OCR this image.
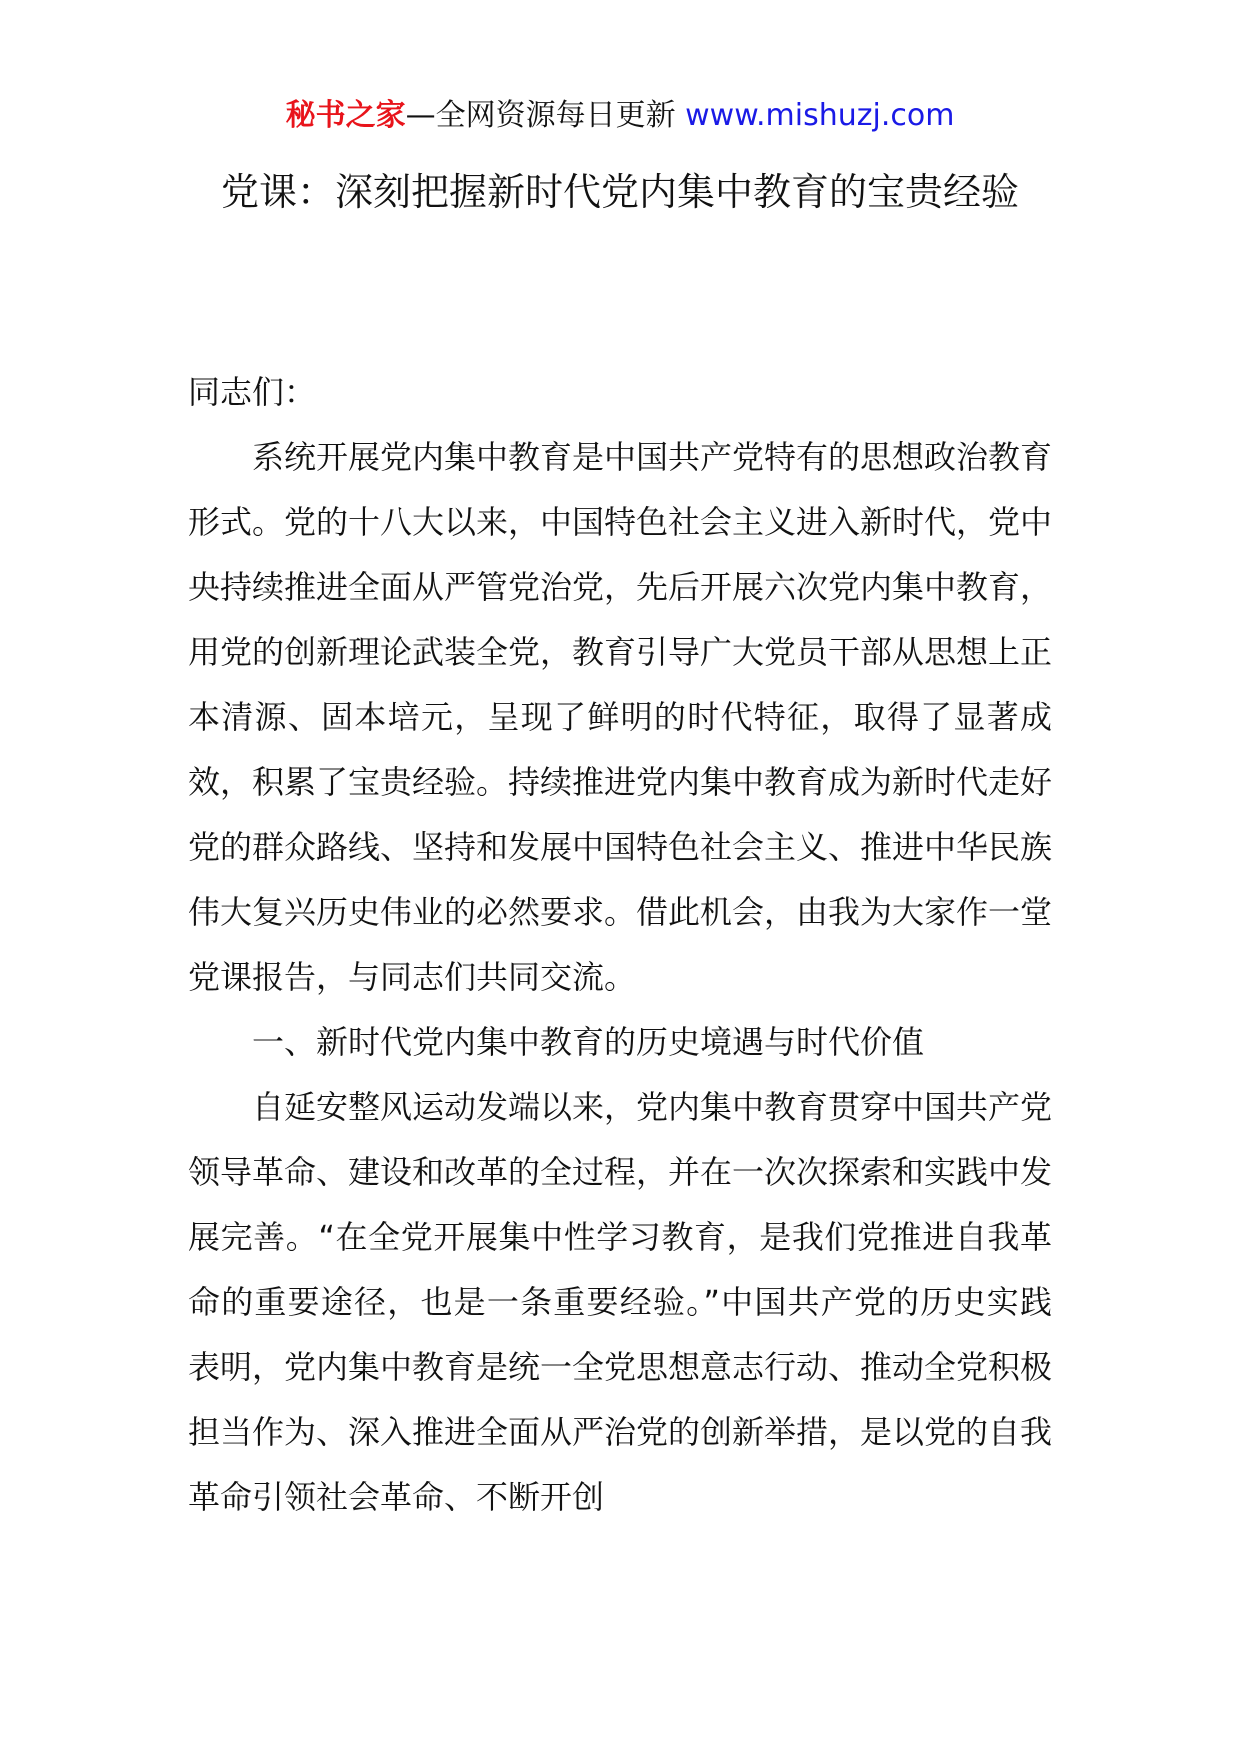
秘书之家—全网资源每日更新 www.mishuzj.com
党课：深刻把握新时代党内集中教育的宝贵经验

同志们：

系统开展党内集中教育是中国共产党特有的思想政治教育形式。党的十八大以来，中国特色社会主义进入新时代，党中央持续推进全面从严管党治党，先后开展六次党内集中教育，用党的创新理论武装全党，教育引导广大党员干部从思想上正本清源、固本培元，呈现了鲜明的时代特征，取得了显著成效，积累了宝贵经验。持续推进党内集中教育成为新时代走好党的群众路线、坚持和发展中国特色社会主义、推进中华民族伟大复兴历史伟业的必然要求。借此机会，由我为大家作一堂党课报告，与同志们共同交流。

一、新时代党内集中教育的历史境遇与时代价值

自延安整风运动发端以来，党内集中教育贯穿中国共产党领导革命、建设和改革的全过程，并在一次次探索和实践中发展完善。“在全党开展集中性学习教育，是我们党推进自我革命的重要途径，也是一条重要经验。”中国共产党的历史实践表明，党内集中教育是统一全党思想意志行动、推动全党积极担当作为、深入推进全面从严治党的创新举措，是以党的自我革命引领社会革命、不断开创
